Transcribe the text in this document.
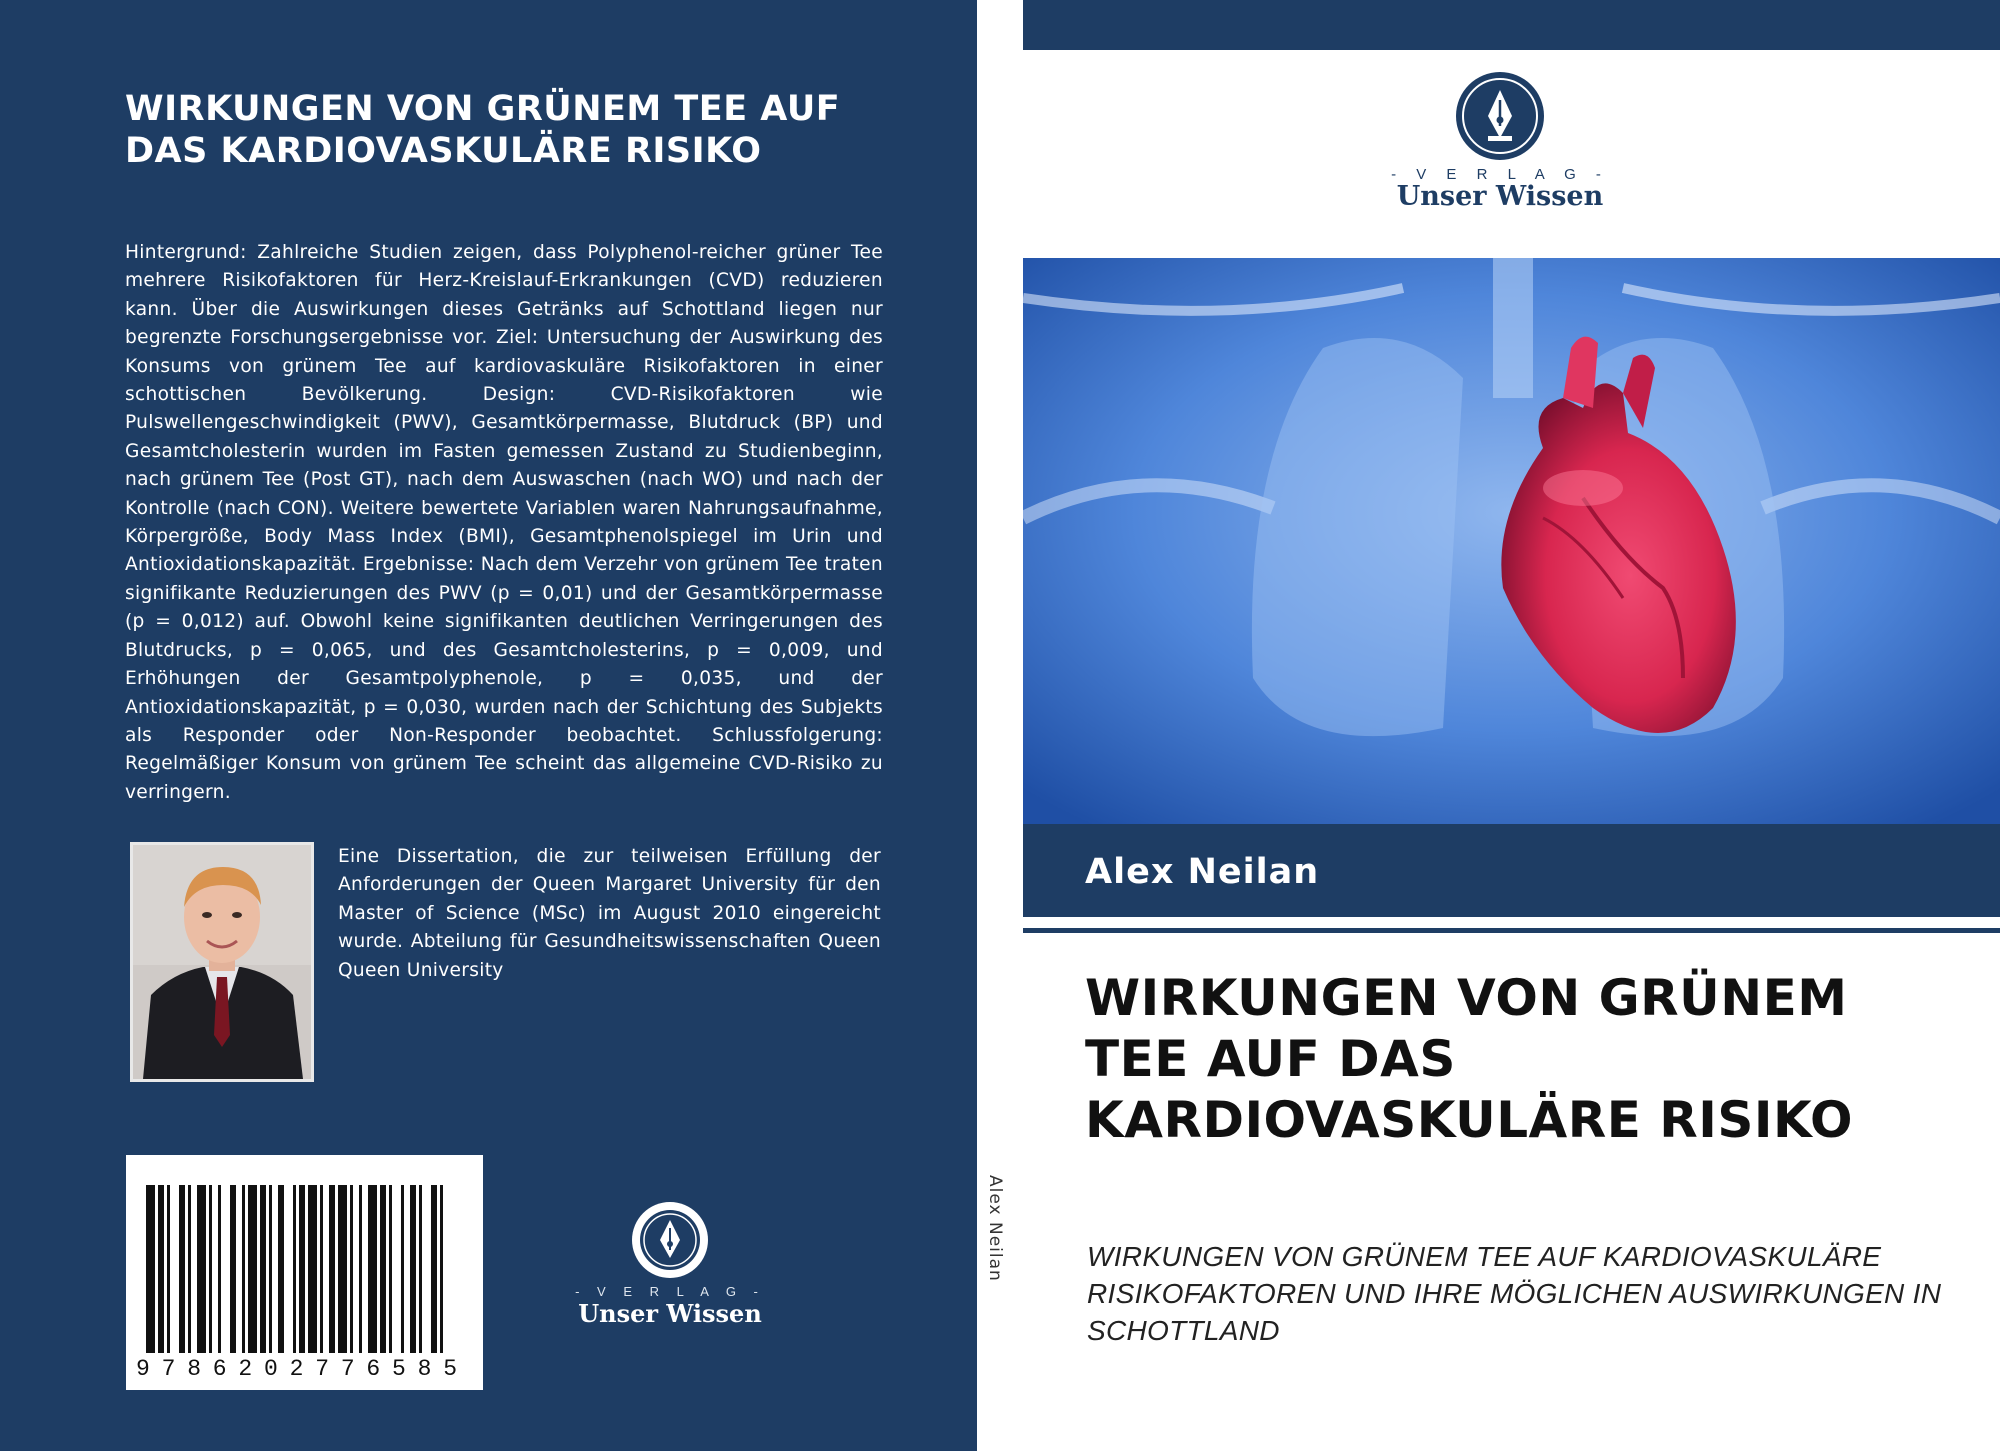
WIRKUNGEN VON GRÜNEM TEE AUF DAS KARDIOVASKULÄRE RISIKO

Hintergrund: Zahlreiche Studien zeigen, dass Polyphenol-reicher grüner Tee mehrere Risikofaktoren für Herz-Kreislauf-Erkrankungen (CVD) reduzieren kann. Über die Auswirkungen dieses Getränks auf Schottland liegen nur begrenzte Forschungsergebnisse vor. Ziel: Untersuchung der Auswirkung des Konsums von grünem Tee auf kardiovaskuläre Risikofaktoren in einer schottischen Bevölkerung. Design: CVD-Risikofaktoren wie Pulswellengeschwindigkeit (PWV), Gesamtkörpermasse, Blutdruck (BP) und Gesamtcholesterin wurden im Fasten gemessen Zustand zu Studienbeginn, nach grünem Tee (Post GT), nach dem Auswaschen (nach WO) und nach der Kontrolle (nach CON). Weitere bewertete Variablen waren Nahrungsaufnahme, Körpergröße, Body Mass Index (BMI), Gesamtphenolspiegel im Urin und Antioxidationskapazität. Ergebnisse: Nach dem Verzehr von grünem Tee traten signifikante Reduzierungen des PWV (p = 0,01) und der Gesamtkörpermasse (p = 0,012) auf. Obwohl keine signifikanten deutlichen Verringerungen des Blutdrucks, p = 0,065, und des Gesamtcholesterins, p = 0,009, und Erhöhungen der Gesamtpolyphenole, p = 0,035, und der Antioxidationskapazität, p = 0,030, wurden nach der Schichtung des Subjekts als Responder oder Non-Responder beobachtet. Schlussfolgerung: Regelmäßiger Konsum von grünem Tee scheint das allgemeine CVD-Risiko zu verringern.

Eine Dissertation, die zur teilweisen Erfüllung der Anforderungen der Queen Margaret University für den Master of Science (MSc) im August 2010 eingereicht wurde. Abteilung für Gesundheitswissenschaften Queen Queen University

9786202776585
- V E R L A G -
Unser Wissen
Alex Neilan
- V E R L A G -
Unser Wissen
Alex Neilan
WIRKUNGEN VON GRÜNEM TEE AUF DAS KARDIOVASKULÄRE RISIKO

WIRKUNGEN VON GRÜNEM TEE AUF KARDIOVASKULÄRE RISIKOFAKTOREN UND IHRE MÖGLICHEN AUSWIRKUNGEN IN SCHOTTLAND
